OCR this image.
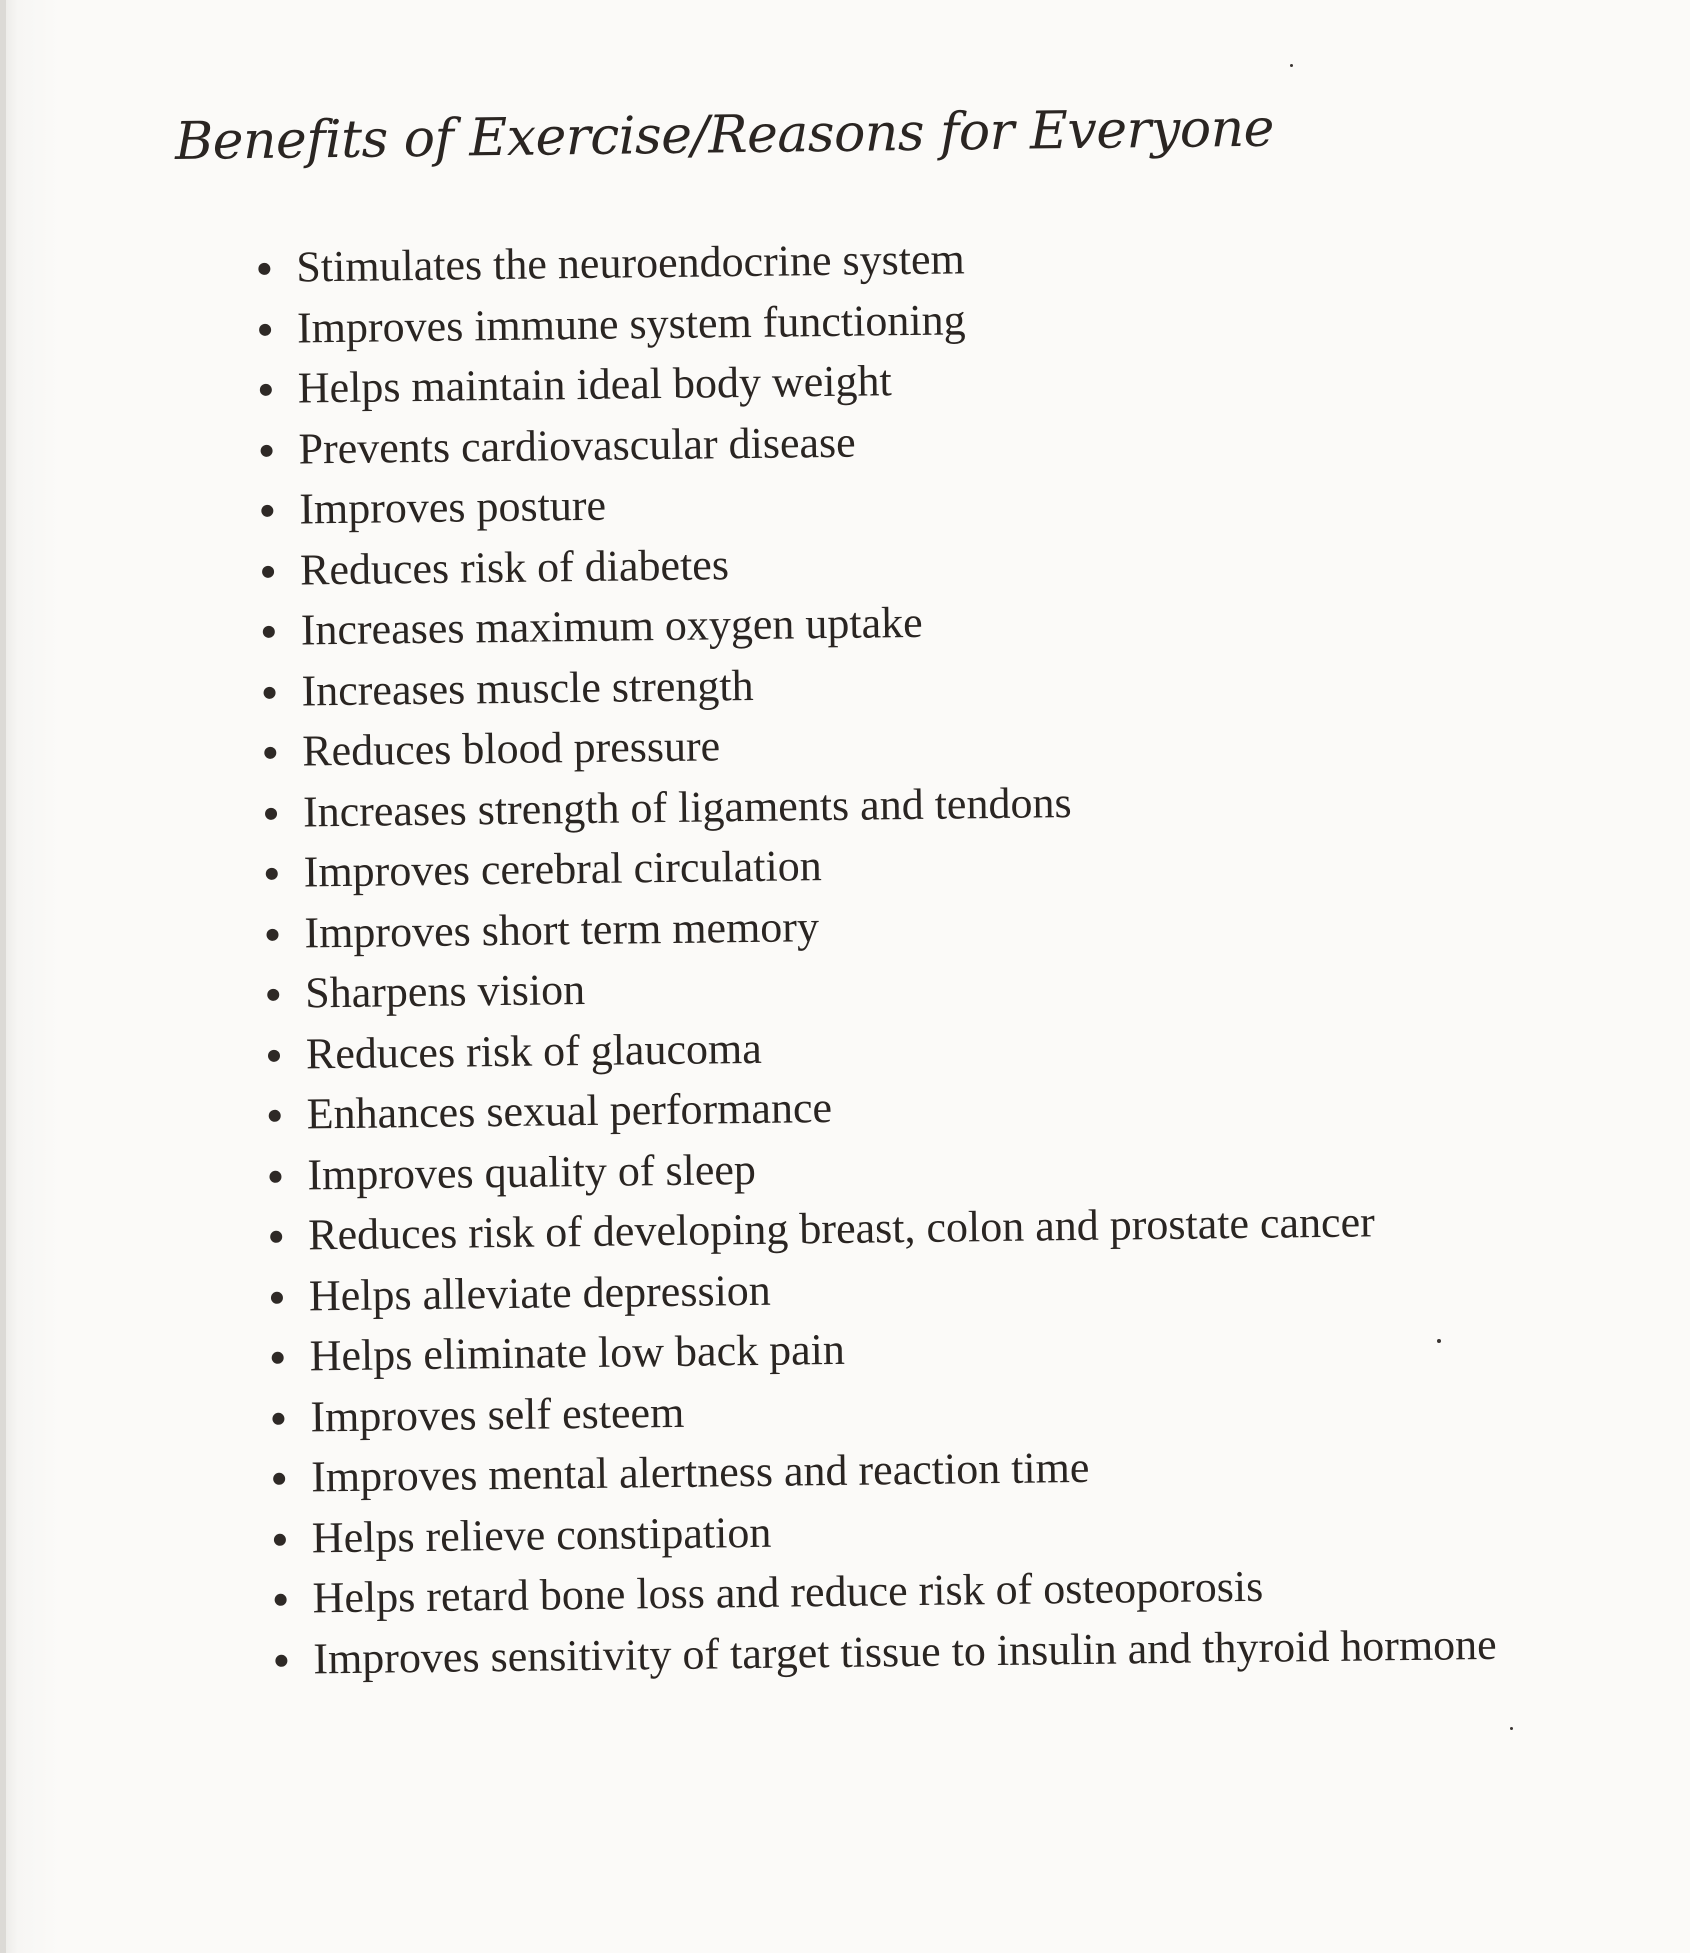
Benefits of Exercise/Reasons for Everyone
Stimulates the neuroendocrine system
Improves immune system functioning
Helps maintain ideal body weight
Prevents cardiovascular disease
Improves posture
Reduces risk of diabetes
Increases maximum oxygen uptake
Increases muscle strength
Reduces blood pressure
Increases strength of ligaments and tendons
Improves cerebral circulation
Improves short term memory
Sharpens vision
Reduces risk of glaucoma
Enhances sexual performance
Improves quality of sleep
Reduces risk of developing breast, colon and prostate cancer
Helps alleviate depression
Helps eliminate low back pain
Improves self esteem
Improves mental alertness and reaction time
Helps relieve constipation
Helps retard bone loss and reduce risk of osteoporosis
Improves sensitivity of target tissue to insulin and thyroid hormone
